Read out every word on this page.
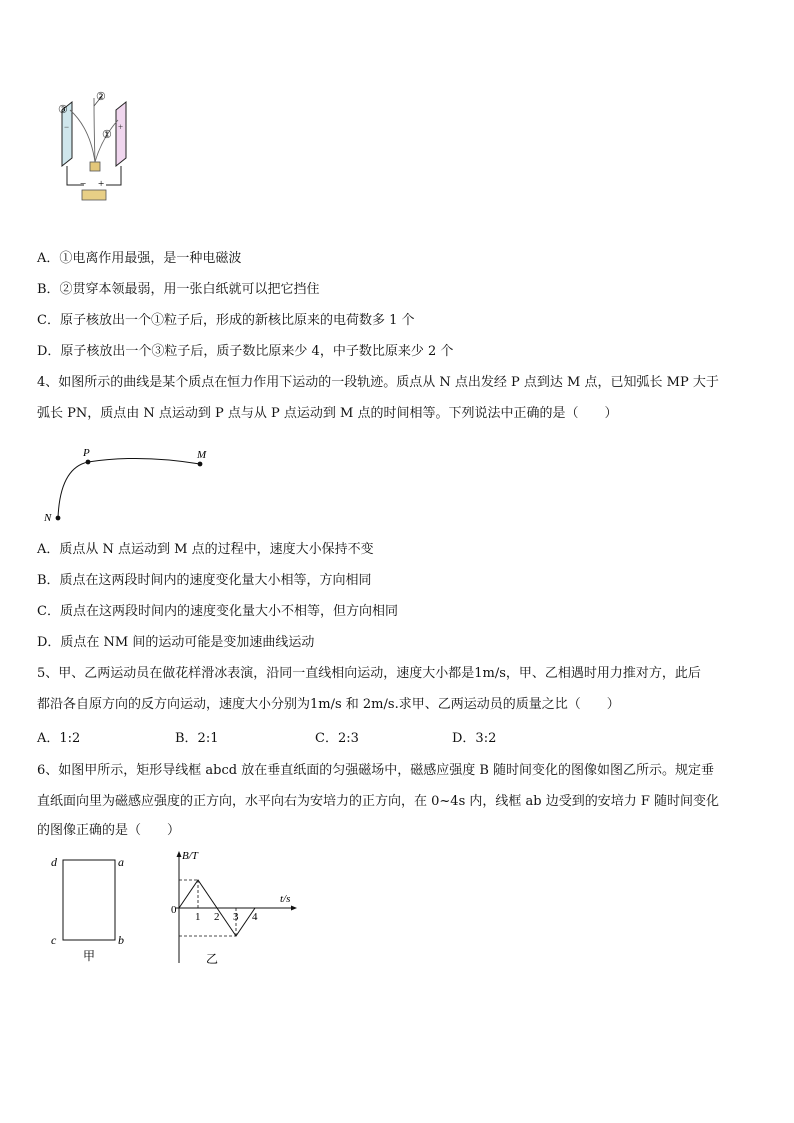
③
②
①
−	+
− +
A．①电离作用最强，是一种电磁波
B．②贯穿本领最弱，用一张白纸就可以把它挡住
C．原子核放出一个①粒子后，形成的新核比原来的电荷数多 1 个
D．原子核放出一个③粒子后，质子数比原来少 4，中子数比原来少 2 个
4、如图所示的曲线是某个质点在恒力作用下运动的一段轨迹。质点从 N 点出发经 P 点到达 M 点，已知弧长 MP 大于
弧长 PN，质点由 N 点运动到 P 点与从 P 点运动到 M 点的时间相等。下列说法中正确的是（　　）
P	M
N
A．质点从 N 点运动到 M 点的过程中，速度大小保持不变
B．质点在这两段时间内的速度变化量大小相等，方向相同
C．质点在这两段时间内的速度变化量大小不相等，但方向相同
D．质点在 NM 间的运动可能是变加速曲线运动
5、甲、乙两运动员在做花样滑冰表演，沿同一直线相向运动，速度大小都是1m/s，甲、乙相遇时用力推对方，此后
都沿各自原方向的反方向运动，速度大小分别为1m/s 和 2m/s.求甲、乙两运动员的质量之比（　　）
A．1:2	B．2:1	C．2:3	D．3:2
6、如图甲所示，矩形导线框 abcd 放在垂直纸面的匀强磁场中，磁感应强度 B 随时间变化的图像如图乙所示。规定垂
直纸面向里为磁感应强度的正方向，水平向右为安培力的正方向，在 0~4s 内，线框 ab 边受到的安培力 F 随时间变化
的图像正确的是（　　）
d	a
c	b
甲
B/T
t/s
0
1 2 3 4
乙
